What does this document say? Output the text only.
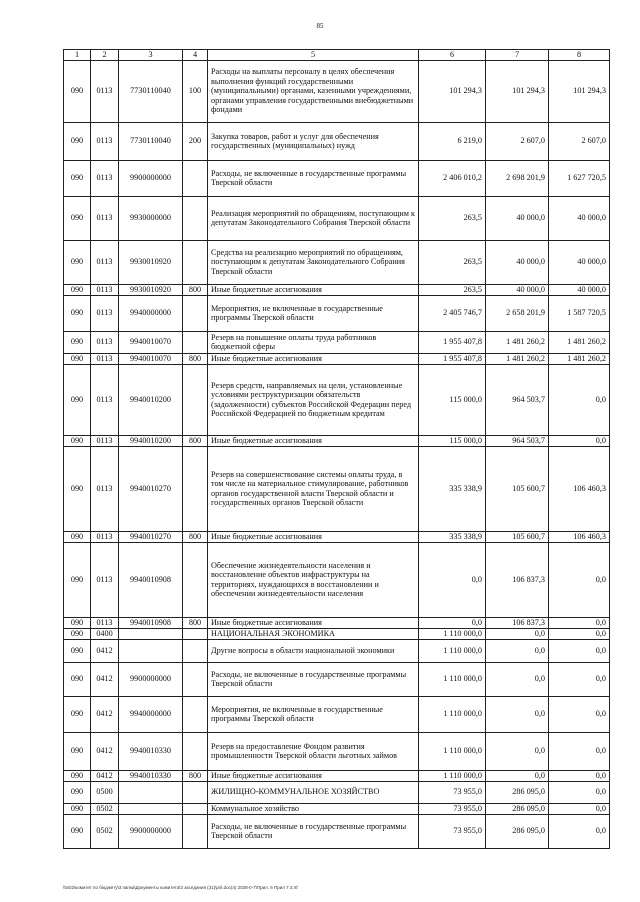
85
1	2	3	4	5	6	7	8
090	0113	7730110040	100	Расходы на выплаты персоналу в целях обеспечения выполнения функций государственными (муниципальными) органами, казенными учреждениями, органами управления государственными внебюджетными фондами	101 294,3	101 294,3	101 294,3
090	0113	7730110040	200	Закупка товаров, работ и услуг для обеспечения государственных (муниципальных) нужд	6 219,0	2 607,0	2 607,0
090	0113	9900000000		Расходы, не включенные в государственные программы Тверской области	2 406 010,2	2 698 201,9	1 627 720,5
090	0113	9930000000		Реализация мероприятий по обращениям, поступающим к депутатам Законодательного Собрания Тверской области	263,5	40 000,0	40 000,0
090	0113	9930010920		Средства на реализацию мероприятий по обращениям, поступающим к депутатам Законодательного Собрания Тверской области	263,5	40 000,0	40 000,0
090	0113	9930010920	800	Иные бюджетные ассигнования	263,5	40 000,0	40 000,0
090	0113	9940000000		Мероприятия, не включенные в государственные программы Тверской области	2 405 746,7	2 658 201,9	1 587 720,5
090	0113	9940010070		Резерв на повышение оплаты труда работников бюджетной сферы	1 955 407,8	1 481 260,2	1 481 260,2
090	0113	9940010070	800	Иные бюджетные ассигнования	1 955 407,8	1 481 260,2	1 481 260,2
090	0113	9940010200		Резерв средств, направляемых на цели, установленные условиями реструктуризации обязательств (задолженности) субъектов Российской Федерации перед Российской Федерацией по бюджетным кредитам	115 000,0	964 503,7	0,0
090	0113	9940010200	800	Иные бюджетные ассигнования	115 000,0	964 503,7	0,0
090	0113	9940010270		Резерв на совершенствование системы оплаты труда, в том числе на материальное стимулирование, работников органов государственной власти Тверской области и государственных органов Тверской области	335 338,9	105 600,7	106 460,3
090	0113	9940010270	800	Иные бюджетные ассигнования	335 338,9	105 600,7	106 460,3
090	0113	9940010908		Обеспечение жизнедеятельности населения и восстановление объектов инфраструктуры на территориях, нуждающихся в восстановлении и обеспечении жизнедеятельности населения	0,0	106 837,3	0,0
090	0113	9940010908	800	Иные бюджетные ассигнования	0,0	106 837,3	0,0
090	0400			НАЦИОНАЛЬНАЯ ЭКОНОМИКА	1 110 000,0	0,0	0,0
090	0412			Другие вопросы в области национальной экономики	1 110 000,0	0,0	0,0
090	0412	9900000000		Расходы, не включенные в государственные программы Тверской области	1 110 000,0	0,0	0,0
090	0412	9940000000		Мероприятия, не включенные в государственные программы Тверской области	1 110 000,0	0,0	0,0
090	0412	9940010330		Резерв на предоставление Фондом развития промышленности Тверской области льготных займов	1 110 000,0	0,0	0,0
090	0412	9940010330	800	Иные бюджетные ассигнования	1 110 000,0	0,0	0,0
090	0500			ЖИЛИЩНО-КОММУНАЛЬНОЕ ХОЗЯЙСТВО	73 955,0	286 095,0	0,0
090	0502			Коммунальное хозяйство	73 955,0	286 095,0	0,0
090	0502	9900000000		Расходы, не включенные в государственные программы Тверской области	73 955,0	286 095,0	0,0
\\ts02\комитет по бюджету\3 папка\Документы комитета\3 заседания (31)\pril.doc(4) 2028-0-7\Прил. 6 Прил 7 3.rtf
